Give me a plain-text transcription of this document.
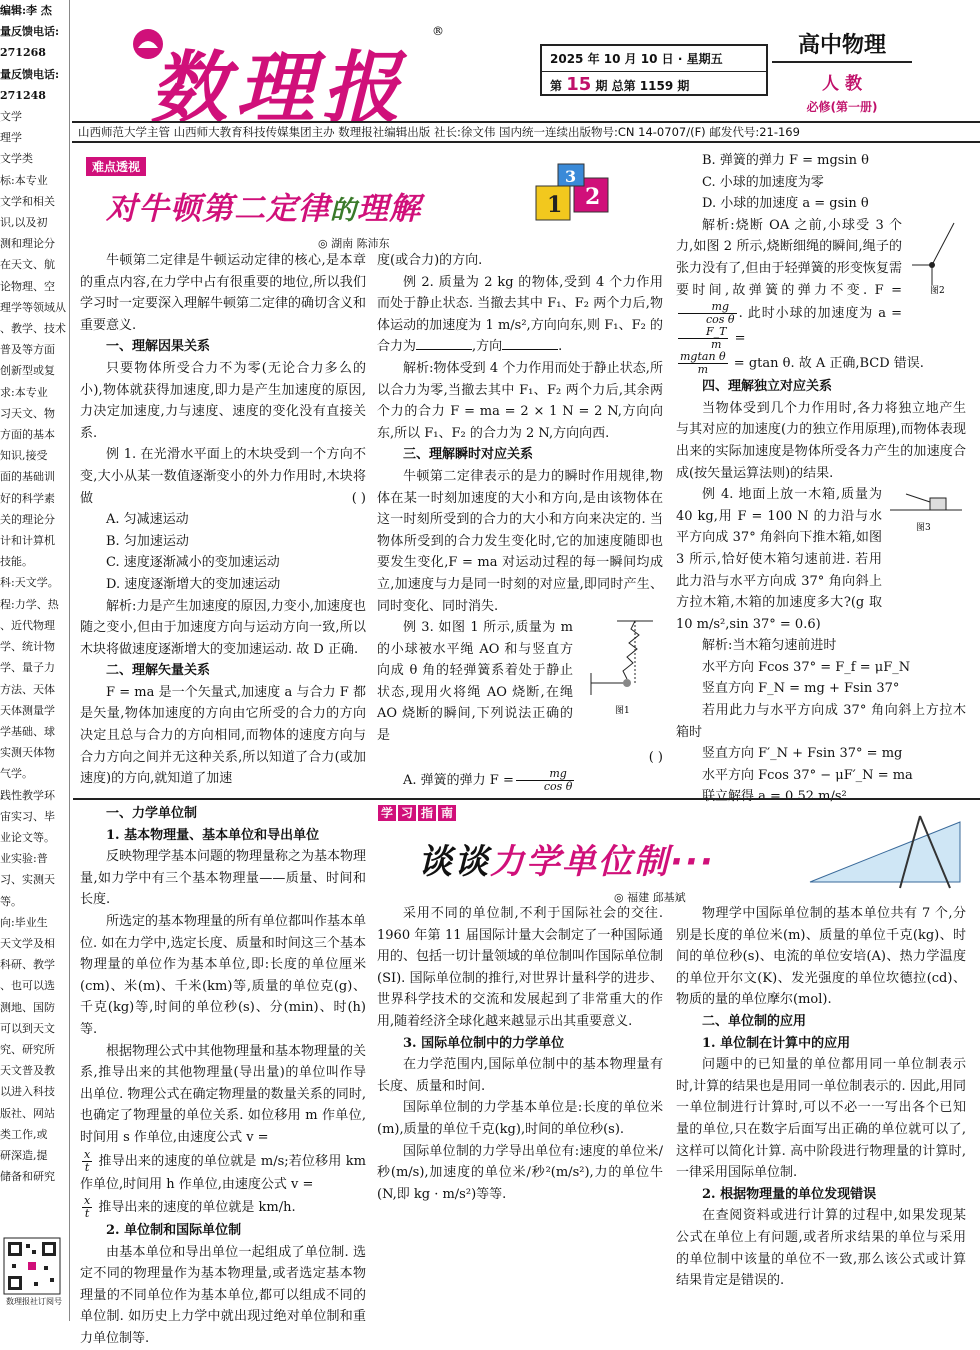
编辑:李 杰
量反馈电话:
271268
量反馈电话:
271248
文学
理学
文学类
标:本专业
文学和相关
识,以及初
测和理论分
在天文、航
论物理、空
理学等领域从
、教学、技术
普及等方面
创新型或复
求:本专业
习天文、物
方面的基本
知识,接受
面的基础训
好的科学素
关的理论分
计和计算机
技能。
科:天文学。
程:力学、热
、近代物理
学、统计物
学、量子力
方法、天体
天体测量学
学基础、球
实测天体物
气学。
践性教学环
宙实习、毕
业论文等。
业实验:普
习、实测天
等。
向:毕业生
天文学及相
科研、教学
、也可以选
测地、国防
可以到天文
究、研究所
天文普及教
以进入科技
版社、网站
类工作,或
研深造,提
储备和研究
数理报
®
2025 年 10 月 10 日 · 星期五
第 15 期 总第 1159 期
高中物理
人 教
必修(第一册)
山西师范大学主管 山西师大教育科技传媒集团主办 数理报社编辑出版 社长:徐文伟 国内统一连续出版物号:CN 14-0707/(F) 邮发代号:21-169
难点透视
对牛顿第二定律的理解	1 2
3
◎ 湖南 陈沛东

牛顿第二定律是牛顿运动定律的核心,是本章的重点内容,在力学中占有很重要的地位,所以我们学习时一定要深入理解牛顿第二定律的确切含义和重要意义.

一、理解因果关系

只要物体所受合力不为零(无论合力多么的小),物体就获得加速度,即力是产生加速度的原因,力决定加速度,力与速度、速度的变化没有直接关系.

例 1. 在光滑水平面上的木块受到一个方向不变,大小从某一数值逐渐变小的外力作用时,木块将做	( )

A. 匀减速运动

B. 匀加速运动

C. 速度逐渐减小的变加速运动

D. 速度逐渐增大的变加速运动

解析:力是产生加速度的原因,力变小,加速度也随之变小,但由于加速度方向与运动方向一致,所以木块将做速度逐渐增大的变加速运动. 故 D 正确.

二、理解矢量关系

F = ma 是一个矢量式,加速度 a 与合力 F 都是矢量,物体加速度的方向由它所受的合力的方向决定且总与合力的方向相同,而物体的速度方向与合力方向之间并无这种关系,所以知道了合力(或加速度)的方向,就知道了加速

度(或合力)的方向.

例 2. 质量为 2 kg 的物体,受到 4 个力作用而处于静止状态. 当撤去其中 F₁、F₂ 两个力后,物体运动的加速度为 1 m/s²,方向向东,则 F₁、F₂ 的合力为	,方向	.

解析:物体受到 4 个力作用而处于静止状态,所以合力为零,当撤去其中 F₁、F₂ 两个力后,其余两个力的合力 F = ma = 2 × 1 N = 2 N,方向向东,所以 F₁、F₂ 的合力为 2 N,方向向西.

三、理解瞬时对应关系

牛顿第二定律表示的是力的瞬时作用规律,物体在某一时刻加速度的大小和方向,是由该物体在这一时刻所受到的合力的大小和方向来决定的. 当物体所受到的合力发生变化时,它的加速度随即也要发生变化,F = ma 对运动过程的每一瞬间均成立,加速度与力是同一时刻的对应量,即同时产生、同时变化、同时消失.

例 3. 如图 1 所示,质量为 m 的小球被水平绳 AO 和与竖直方向成 θ 角的轻弹簧系着处于静止状态,现用火将绳 AO 烧断,在绳 AO 烧断的瞬间,下列说法正确的是

( )

图1

A. 弹簧的弹力 $F = \frac{mg}{\text{cos θ}}$

B. 弹簧的弹力 F = mgsin θ

C. 小球的加速度为零

D. 小球的加速度 a = gsin θ

解析:烧断 OA 之前,小球受 3 个力,如图 2 所示,烧断细绳的瞬间,绳子的张力没有了,但由于轻弹簧的形变恢复需要时间,故弹簧的弹力不变. F =
$\frac{mg}{\text{cos θ}}$ . 此时小球的加速度为 a =
$\frac{F\_T}{m}$ =

图2

$\frac{\text{mgtan θ}}{m} = gtan$ θ. 故 A 正确,BCD 错误.

四、理解独立对应关系

当物体受到几个力作用时,各力将独立地产生与其对应的加速度(力的独立作用原理),而物体表现出来的实际加速度是物体所受各力产生的加速度合成(按矢量运算法则)的结果.

图3

例 4. 地面上放一木箱,质量为 40 kg,用 F = 100 N 的力沿与水平方向成 37° 角斜向下推木箱,如图 3 所示,恰好使木箱匀速前进. 若用此力沿与水平方向成 37° 角向斜上方拉木箱,木箱的加速度多大?(g 取 10 m/s²,sin 37° = 0.6)

解析:当木箱匀速前进时

水平方向 Fcos 37° = F_f = μF_N

竖直方向 F_N = mg + Fsin 37°

若用此力与水平方向成 37° 角向斜上方拉木箱时

竖直方向 F′_N + Fsin 37° = mg

水平方向 Fcos 37° − μF′_N = ma

联立解得 a = 0.52 m/s².

学 习 指 南
谈谈力学单位制···
◎ 福建 邱基斌
一、力学单位制

1. 基本物理量、基本单位和导出单位

反映物理学基本问题的物理量称之为基本物理量,如力学中有三个基本物理量——质量、时间和长度.

所选定的基本物理量的所有单位都叫作基本单位. 如在力学中,选定长度、质量和时间这三个基本物理量的单位作为基本单位,即:长度的单位厘米(cm)、米(m)、千米(km)等,质量的单位克(g)、千克(kg)等,时间的单位秒(s)、分(min)、时(h)等.

根据物理公式中其他物理量和基本物理量的关系,推导出来的其他物理量(导出量)的单位叫作导出单位. 物理公式在确定物理量的数量关系的同时,也确定了物理量的单位关系. 如位移用 m 作单位,时间用 s 作单位,由速度公式 v =

$\frac{x}{t}$ 推导出来的速度的单位就是 m/s;若位移用 km 作单位,时间用 h 作单位,由速度公式 v =

$\frac{x}{t}$ 推导出来的速度的单位就是 km/h.

2. 单位制和国际单位制

由基本单位和导出单位一起组成了单位制. 选定不同的物理量作为基本物理量,或者选定基本物理量的不同单位作为基本单位,都可以组成不同的单位制. 如历史上力学中就出现过绝对单位制和重力单位制等.

采用不同的单位制,不利于国际社会的交往. 1960 年第 11 届国际计量大会制定了一种国际通用的、包括一切计量领域的单位制叫作国际单位制(SI). 国际单位制的推行,对世界计量科学的进步、世界科学技术的交流和发展起到了非常重大的作用,随着经济全球化越来越显示出其重要意义.

3. 国际单位制中的力学单位

在力学范围内,国际单位制中的基本物理量有长度、质量和时间.

国际单位制的力学基本单位是:长度的单位米(m),质量的单位千克(kg),时间的单位秒(s).

国际单位制的力学导出单位有:速度的单位米/秒(m/s),加速度的单位米/秒²(m/s²),力的单位牛(N,即 kg · m/s²)等等.

物理学中国际单位制的基本单位共有 7 个,分别是长度的单位米(m)、质量的单位千克(kg)、时间的单位秒(s)、电流的单位安培(A)、热力学温度的单位开尔文(K)、发光强度的单位坎德拉(cd)、物质的量的单位摩尔(mol).

二、单位制的应用

1. 单位制在计算中的应用

问题中的已知量的单位都用同一单位制表示时,计算的结果也是用同一单位制表示的. 因此,用同一单位制进行计算时,可以不必一一写出各个已知量的单位,只在数字后面写出正确的单位就可以了,这样可以简化计算. 高中阶段进行物理量的计算时,一律采用国际单位制.

2. 根据物理量的单位发现错误

在查阅资料或进行计算的过程中,如果发现某公式在单位上有问题,或者所求结果的单位与采用的单位制中该量的单位不一致,那么该公式或计算结果肯定是错误的.

数理报社订阅号
